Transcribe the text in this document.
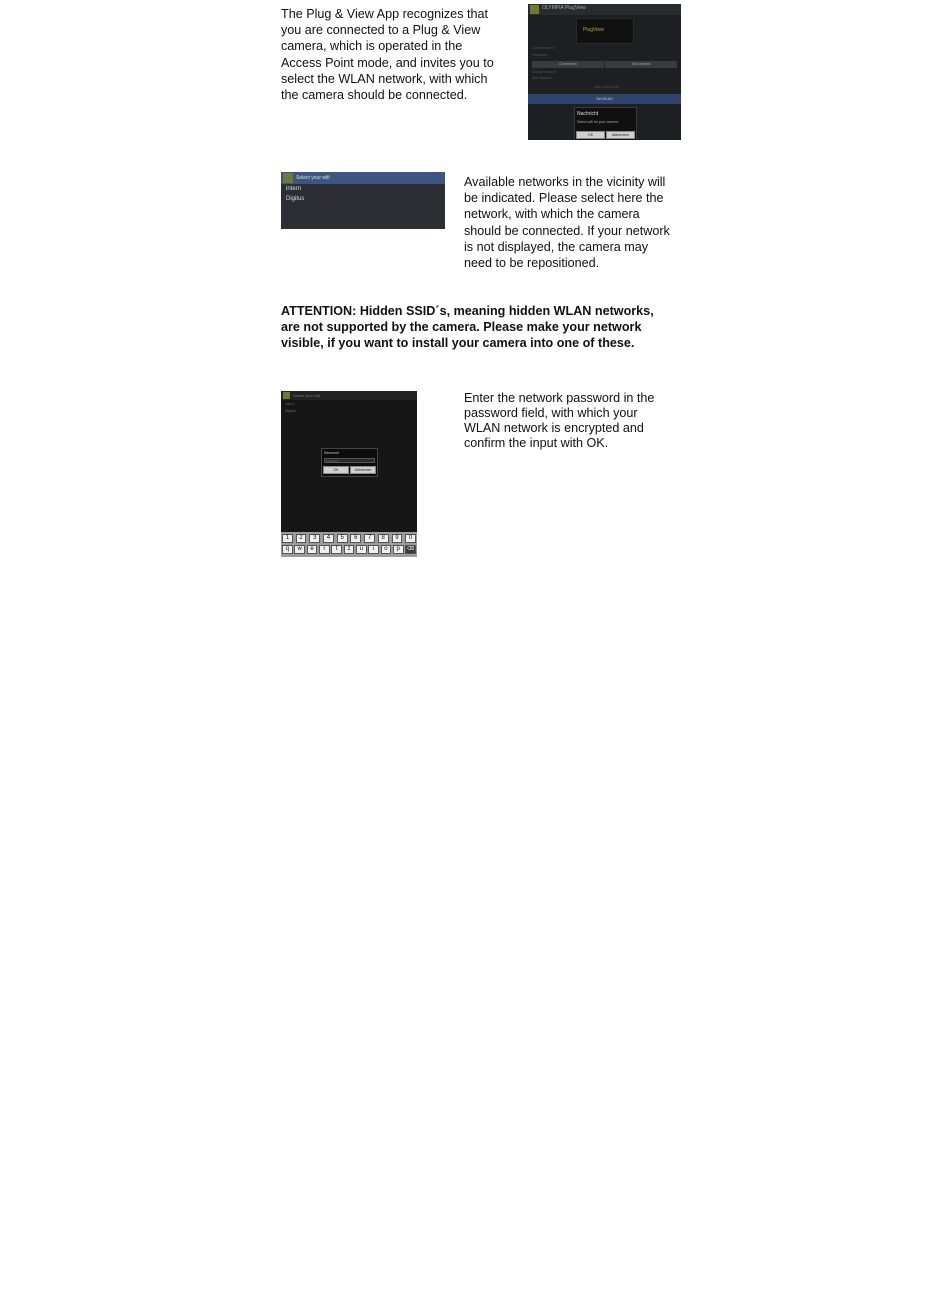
The Plug & View App recognizes that
you are connected to a Plug & View
camera, which is operated in the
Access Point mode, and invites you to
select the WLAN network, with which
the camera should be connected.

OLYMPIA PlugView
PlugView
Camera name
Password
Connection	Add camera
Search camera
Add camera
Own camera list
Set WLAN
Nachricht
Select wifi for your camera
OK	Abbrechen
Select your wifi
intern
Digitus

Available networks in the vicinity will
be indicated. Please select here the
network, with which the camera
should be connected. If your network
is not displayed, the camera may
need to be repositioned.

ATTENTION: Hidden SSID´s, meaning hidden WLAN networks,
are not supported by the camera. Please make your network
visible, if you want to install your camera into one of these.

Select your wifi
intern
Digitus
Kennwort
Kennwort
OK	Abbrechen
1	2	3	4	5	6	7	8	9	0
q	w	e	r	t	z	u	i	o	p	⌫

Enter the network password in the
password field, with which your
WLAN network is encrypted and
confirm the input with OK.
